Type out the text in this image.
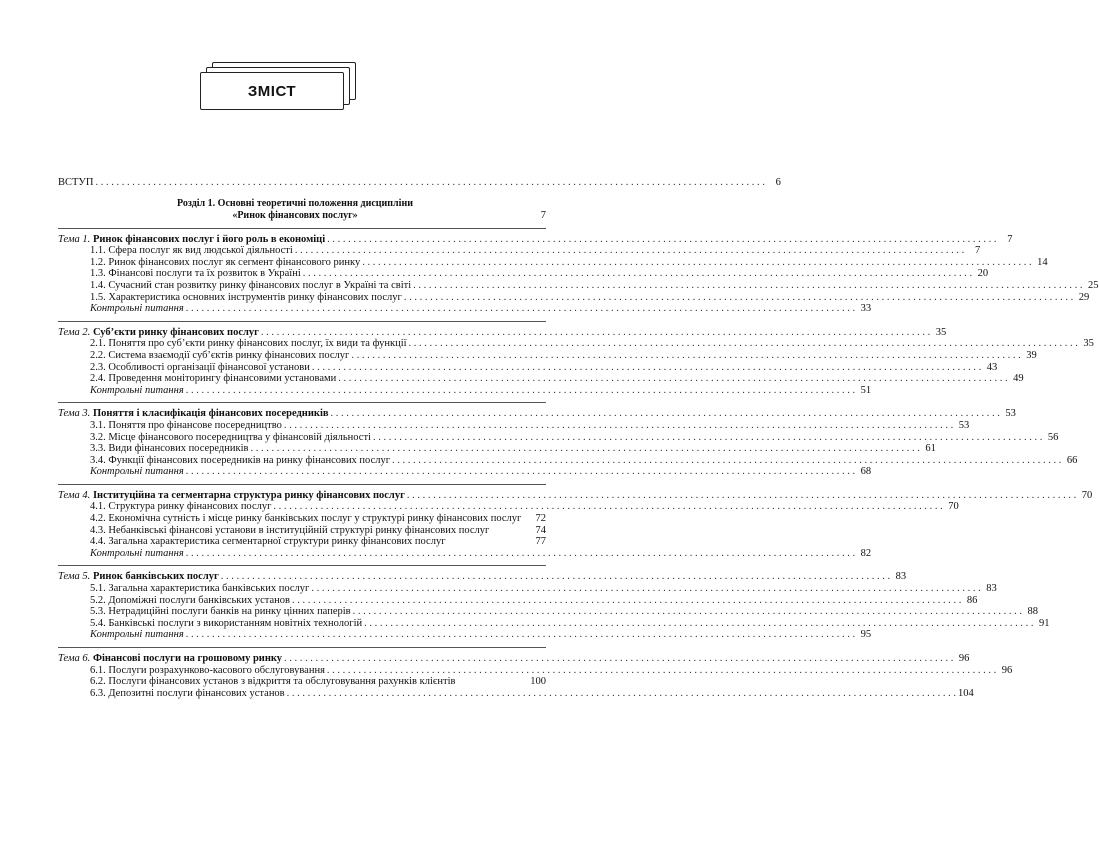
ЗМІСТ
ВСТУП . . .	6
Розділ 1. Основні теоретичні положення дисципліни
«Ринок фінансових послуг»	7
Тема 1. Ринок фінансових послуг і його роль в економіці . . .	7
1.1. Сфера послуг як вид людської діяльності . . .	7
1.2. Ринок фінансових послуг як сегмент фінансового ринку . . .	14
1.3. Фінансові послуги та їх розвиток в Україні . . .	20
1.4. Сучасний стан розвитку ринку фінансових послуг в Україні та світі . . .	25
1.5. Характеристика основних інструментів ринку фінансових послуг . . .	29
Контрольні питання . . .	33
Тема 2. Суб’єкти ринку фінансових послуг . . .	35
2.1. Поняття про суб’єкти ринку фінансових послуг, їх види та функції . . .	35
2.2. Система взаємодії суб’єктів ринку фінансових послуг . . .	39
2.3. Особливості організації фінансової установи . . .	43
2.4. Проведення моніторингу фінансовими установами . . .	49
Контрольні питання . . .	51
Тема 3. Поняття і класифікація фінансових посередників . . .	53
3.1. Поняття про фінансове посередництво . . .	53
3.2. Місце фінансового посередництва у фінансовій діяльності . . .	56
3.3. Види фінансових посередників . . .	61
3.4. Функції фінансових посередників на ринку фінансових послуг . . .	66
Контрольні питання . . .	68
Тема 4. Інституційна та сегментарна структура ринку фінансових послуг . . .	70
4.1. Структура ринку фінансових послуг . . .	70
4.2. Економічна сутність і місце ринку банківських послуг у структурі ринку фінансових послуг	72
4.3. Небанківські фінансові установи в інституційній структурі ринку фінансових послуг	74
4.4. Загальна характеристика сегментарної структури ринку фінансових послуг	77
Контрольні питання . . .	82
Тема 5. Ринок банківських послуг . . .	83
5.1. Загальна характеристика банківських послуг . . .	83
5.2. Допоміжні послуги банківських установ . . .	86
5.3. Нетрадиційні послуги банків на ринку цінних паперів . . .	88
5.4. Банківські послуги з використанням новітніх технологій . . .	91
Контрольні питання . . .	95
Тема 6. Фінансові послуги на грошовому ринку . . .	96
6.1. Послуги розрахунково-касового обслуговування . . .	96
6.2. Послуги фінансових установ з відкриття та обслуговування рахунків клієнтів	100
6.3. Депозитні послуги фінансових установ . . .	104
